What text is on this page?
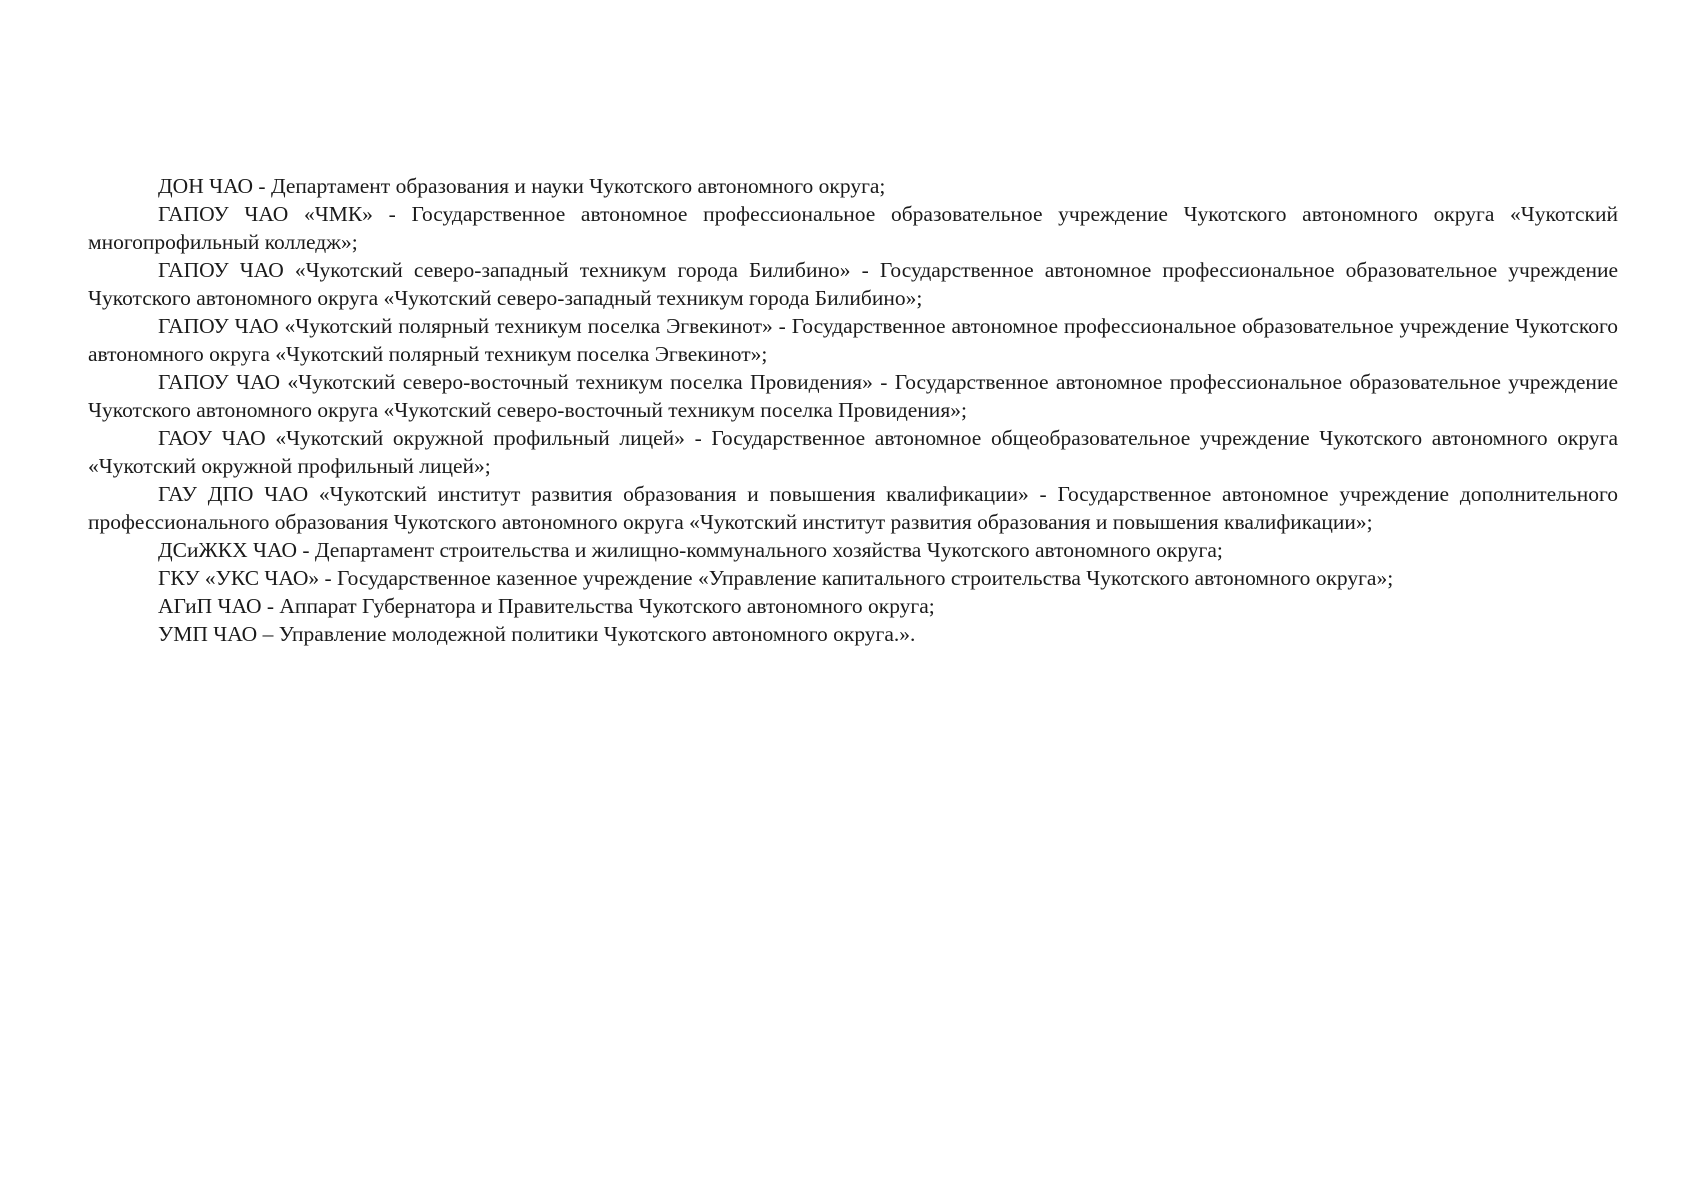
ДОН ЧАО - Департамент образования и науки Чукотского автономного округа;

ГАПОУ ЧАО «ЧМК» - Государственное автономное профессиональное образовательное учреждение Чукотского автономного округа «Чукотский многопрофильный колледж»;

ГАПОУ ЧАО «Чукотский северо-западный техникум города Билибино» - Государственное автономное профессиональное образовательное учреждение Чукотского автономного округа «Чукотский северо-западный техникум города Билибино»;

ГАПОУ ЧАО «Чукотский полярный техникум поселка Эгвекинот» - Государственное автономное профессиональное образовательное учреждение Чукотского автономного округа «Чукотский полярный техникум поселка Эгвекинот»;

ГАПОУ ЧАО «Чукотский северо-восточный техникум поселка Провидения» - Государственное автономное профессиональное образовательное учреждение Чукотского автономного округа «Чукотский северо-восточный техникум поселка Провидения»;

ГАОУ ЧАО «Чукотский окружной профильный лицей» - Государственное автономное общеобразовательное учреждение Чукотского автономного округа «Чукотский окружной профильный лицей»;

ГАУ ДПО ЧАО «Чукотский институт развития образования и повышения квалификации» - Государственное автономное учреждение дополнительного профессионального образования Чукотского автономного округа «Чукотский институт развития образования и повышения квалификации»;

ДСиЖКХ ЧАО - Департамент строительства и жилищно-коммунального хозяйства Чукотского автономного округа;

ГКУ «УКС ЧАО» - Государственное казенное учреждение «Управление капитального строительства Чукотского автономного округа»;

АГиП ЧАО - Аппарат Губернатора и Правительства Чукотского автономного округа;

УМП ЧАО – Управление молодежной политики Чукотского автономного округа.».
